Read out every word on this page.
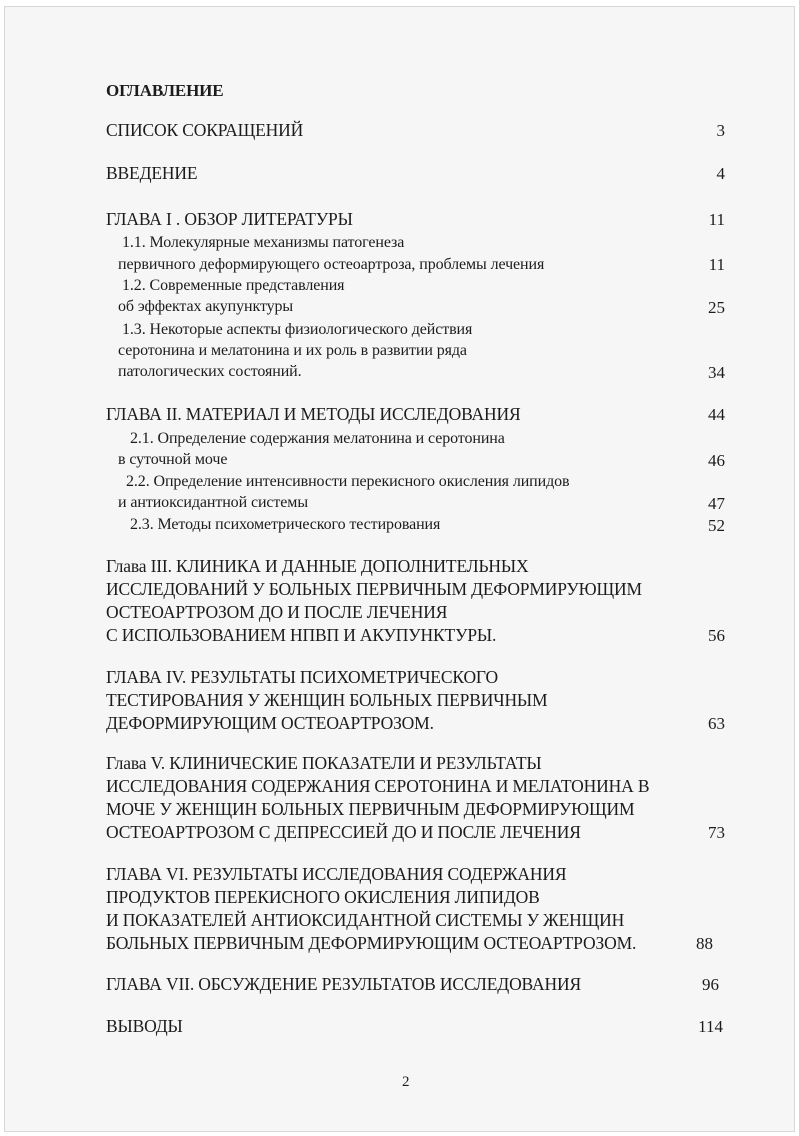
ОГЛАВЛЕНИЕ
СПИСОК СОКРАЩЕНИЙ	3
ВВЕДЕНИЕ	4
ГЛАВА I . ОБЗОР ЛИТЕРАТУРЫ	11
1.1. Молекулярные механизмы патогенеза
первичного деформирующего остеоартроза, проблемы лечения	11
1.2. Современные представления
об эффектах акупунктуры	25
1.3. Некоторые аспекты физиологического действия
серотонина и мелатонина и их роль в развитии ряда
патологических состояний.	34
ГЛАВА II. МАТЕРИАЛ И МЕТОДЫ ИССЛЕДОВАНИЯ	44
2.1. Определение содержания мелатонина и серотонина
в суточной моче	46
2.2. Определение интенсивности перекисного окисления липидов
и антиоксидантной системы	47
2.3. Методы психометрического тестирования	52
Глава III. КЛИНИКА И ДАННЫЕ ДОПОЛНИТЕЛЬНЫХ
ИССЛЕДОВАНИЙ У БОЛЬНЫХ ПЕРВИЧНЫМ ДЕФОРМИРУЮЩИМ
ОСТЕОАРТРОЗОМ ДО И ПОСЛЕ ЛЕЧЕНИЯ
С ИСПОЛЬЗОВАНИЕМ НПВП И АКУПУНКТУРЫ.	56
ГЛАВА IV. РЕЗУЛЬТАТЫ ПСИХОМЕТРИЧЕСКОГО
ТЕСТИРОВАНИЯ У ЖЕНЩИН БОЛЬНЫХ ПЕРВИЧНЫМ
ДЕФОРМИРУЮЩИМ ОСТЕОАРТРОЗОМ.	63
Глава V. КЛИНИЧЕСКИЕ ПОКАЗАТЕЛИ И РЕЗУЛЬТАТЫ
ИССЛЕДОВАНИЯ СОДЕРЖАНИЯ СЕРОТОНИНА И МЕЛАТОНИНА В
МОЧЕ У ЖЕНЩИН БОЛЬНЫХ ПЕРВИЧНЫМ ДЕФОРМИРУЮЩИМ
ОСТЕОАРТРОЗОМ С ДЕПРЕССИЕЙ ДО И ПОСЛЕ ЛЕЧЕНИЯ	73
ГЛАВА VI. РЕЗУЛЬТАТЫ ИССЛЕДОВАНИЯ СОДЕРЖАНИЯ
ПРОДУКТОВ ПЕРЕКИСНОГО ОКИСЛЕНИЯ ЛИПИДОВ
И ПОКАЗАТЕЛЕЙ АНТИОКСИДАНТНОЙ СИСТЕМЫ У ЖЕНЩИН
БОЛЬНЫХ ПЕРВИЧНЫМ ДЕФОРМИРУЮЩИМ ОСТЕОАРТРОЗОМ.	88
ГЛАВА VII. ОБСУЖДЕНИЕ РЕЗУЛЬТАТОВ ИССЛЕДОВАНИЯ	96
ВЫВОДЫ	114
2
